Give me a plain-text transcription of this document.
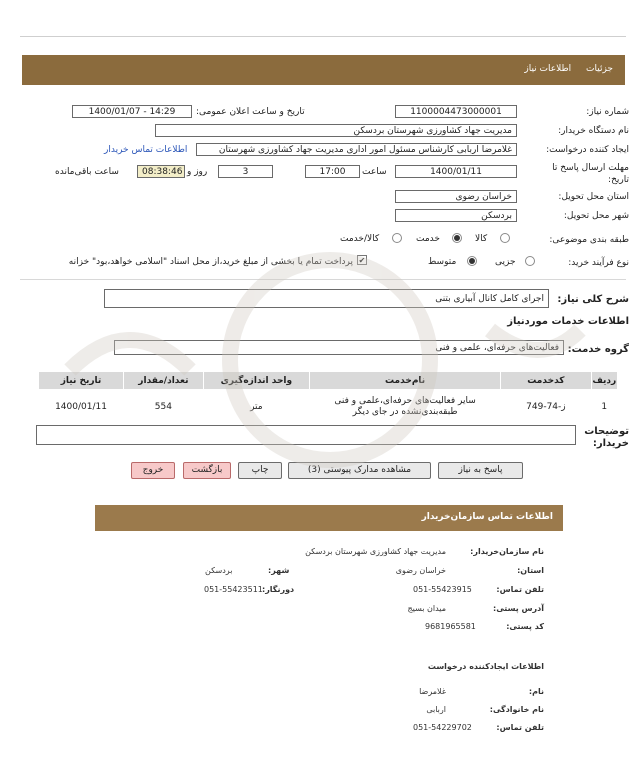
جزئیات اطلاعات نیاز
شماره نیاز:
1100004473000001
تاریخ و ساعت اعلان عمومی:
1400/01/07 - 14:29
نام دستگاه خریدار:
مدیریت جهاد کشاورزی شهرستان بردسکن
ایجاد کننده درخواست:
غلامرضا اربابی کارشناس مسئول امور اداری مدیریت جهاد کشاورزی شهرستان
اطلاعات تماس خریدار
مهلت ارسال پاسخ تا تاریخ:
1400/01/11
ساعت
17:00
3
روز و
08:38:46
ساعت باقی‌مانده
استان محل تحویل:
خراسان رضوی
شهر محل تحویل:
بردسکن
طبقه بندی موضوعی:
کالا
خدمت
کالا/خدمت
نوع فرآیند خرید:
جزیی
متوسط
✔
پرداخت تمام یا بخشی از مبلغ خرید،از محل اسناد "اسلامی خواهد،بود" خزانه
شرح کلی نیاز:
اجرای کامل کانال آبیاری بتنی
اطلاعات خدمات موردنیاز
گروه خدمت:
فعالیت‌های حرفه‌ای، علمی و فنی
ردیف	کدخدمت	نام‌خدمت	واحد اندازه‌گیری	تعداد/مقدار	تاریخ نیاز
1	ز-74-749	سایر فعالیت‌های حرفه‌ای،علمی و فنی طبقه‌بندی‌نشده در جای دیگر	متر	554	1400/01/11
توضیحات خریدار:
پاسخ به نیاز
مشاهده مدارک پیوستی (3)
چاپ
بازگشت
خروج
اطلاعات تماس سازمان‌خریدار
نام سازمان‌خریدار:
مدیریت جهاد کشاورزی شهرستان بردسکن
استان:
خراسان رضوی
شهر:
بردسکن
تلفن تماس:
051-55423915
دورنگار:
051-55423511
آدرس پستی:
میدان بسیج
کد پستی:
9681965581
اطلاعات ایجادکننده درخواست
نام:
غلامرضا
نام خانوادگی:
اربابی
تلفن تماس:
051-54229702
